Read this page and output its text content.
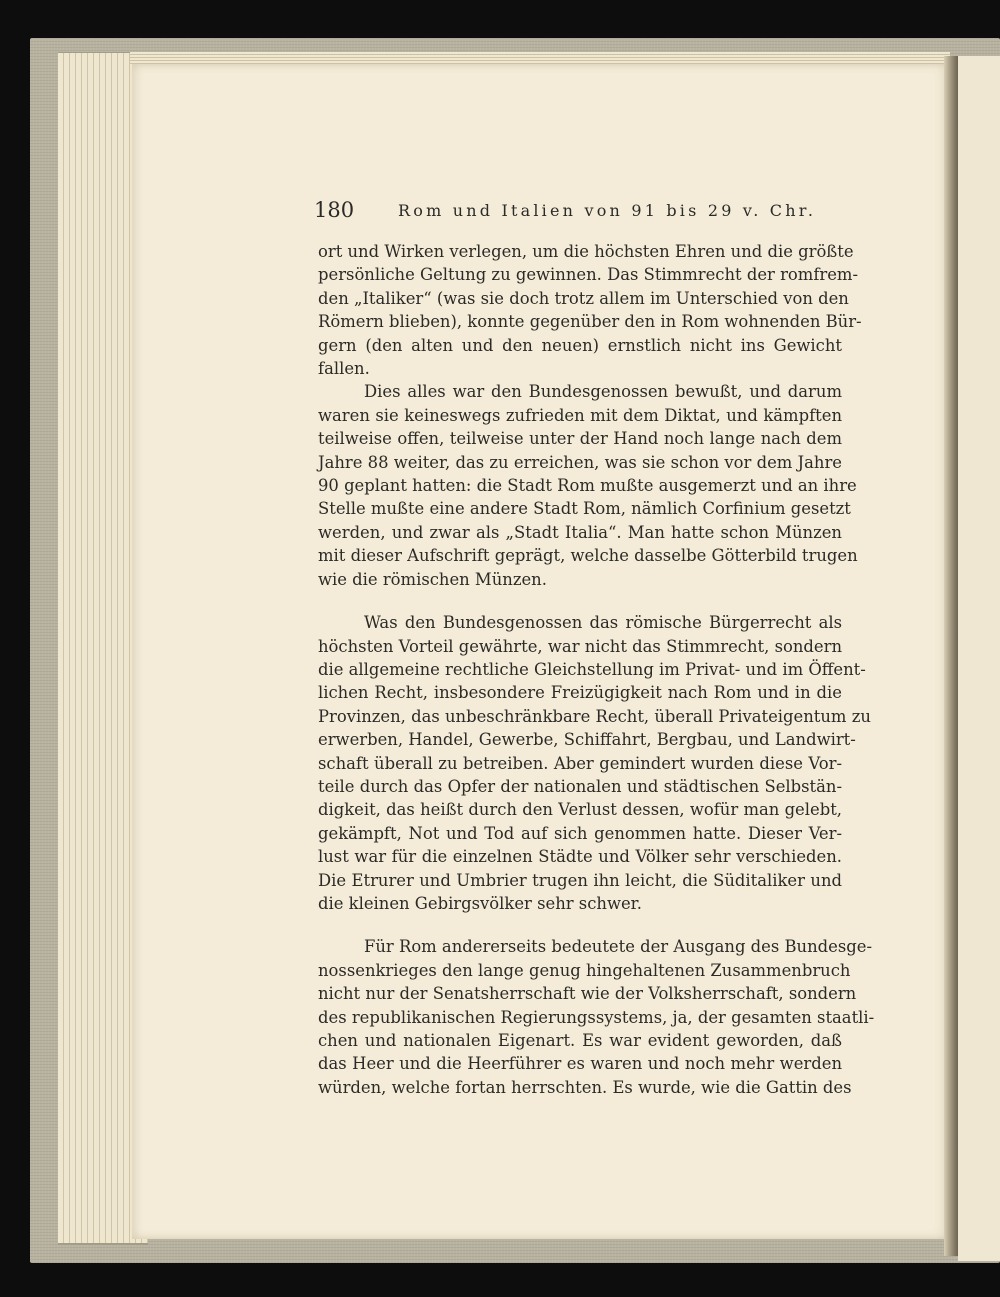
180	Rom und Italien von 91 bis 29 v. Chr.

ort und Wirken verlegen, um die höchsten Ehren und die größte
persönliche Geltung zu gewinnen. Das Stimmrecht der romfrem-
den „Italiker“ (was sie doch trotz allem im Unterschied von den
Römern blieben), konnte gegenüber den in Rom wohnenden Bür-
gern (den alten und den neuen) ernstlich nicht ins Gewicht
fallen.

Dies alles war den Bundesgenossen bewußt, und darum
waren sie keineswegs zufrieden mit dem Diktat, und kämpften
teilweise offen, teilweise unter der Hand noch lange nach dem
Jahre 88 weiter, das zu erreichen, was sie schon vor dem Jahre
90 geplant hatten: die Stadt Rom mußte ausgemerzt und an ihre
Stelle mußte eine andere Stadt Rom, nämlich Corfinium gesetzt
werden, und zwar als „Stadt Italia“. Man hatte schon Münzen
mit dieser Aufschrift geprägt, welche dasselbe Götterbild trugen
wie die römischen Münzen.

Was den Bundesgenossen das römische Bürgerrecht als
höchsten Vorteil gewährte, war nicht das Stimmrecht, sondern
die allgemeine rechtliche Gleichstellung im Privat- und im Öffent-
lichen Recht, insbesondere Freizügigkeit nach Rom und in die
Provinzen, das unbeschränkbare Recht, überall Privateigentum zu
erwerben, Handel, Gewerbe, Schiffahrt, Bergbau, und Landwirt-
schaft überall zu betreiben. Aber gemindert wurden diese Vor-
teile durch das Opfer der nationalen und städtischen Selbstän-
digkeit, das heißt durch den Verlust dessen, wofür man gelebt,
gekämpft, Not und Tod auf sich genommen hatte. Dieser Ver-
lust war für die einzelnen Städte und Völker sehr verschieden.
Die Etrurer und Umbrier trugen ihn leicht, die Süditaliker und
die kleinen Gebirgsvölker sehr schwer.

Für Rom andererseits bedeutete der Ausgang des Bundesge-
nossenkrieges den lange genug hingehaltenen Zusammenbruch
nicht nur der Senatsherrschaft wie der Volksherrschaft, sondern
des republikanischen Regierungssystems, ja, der gesamten staatli-
chen und nationalen Eigenart. Es war evident geworden, daß
das Heer und die Heerführer es waren und noch mehr werden
würden, welche fortan herrschten. Es wurde, wie die Gattin des
